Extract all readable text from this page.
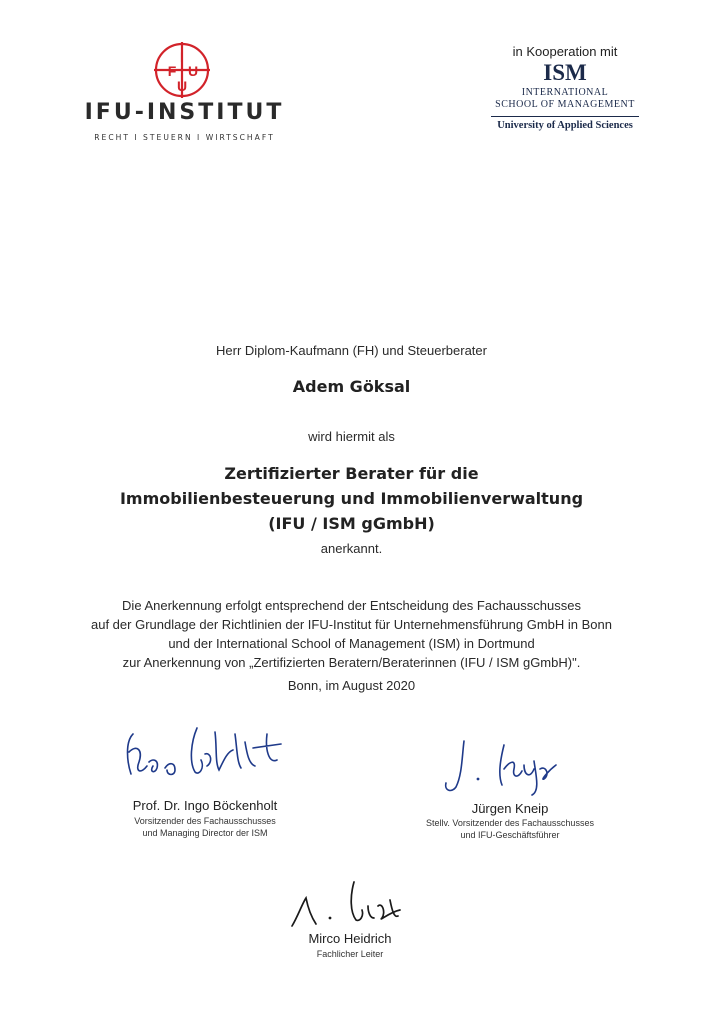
I
F
U
U
IFU-INSTITUT
RECHT I STEUERN I WIRTSCHAFT
in Kooperation mit
ISM
INTERNATIONAL
SCHOOL OF MANAGEMENT
University of Applied Sciences
Herr Diplom-Kaufmann (FH) und Steuerberater
Adem Göksal
wird hiermit als
Zertifizierter Berater für die
Immobilienbesteuerung und Immobilienverwaltung
(IFU / ISM gGmbH)
anerkannt.
Die Anerkennung erfolgt entsprechend der Entscheidung des Fachausschusses
auf der Grundlage der Richtlinien der IFU-Institut für Unternehmensführung GmbH in Bonn
und der International School of Management (ISM) in Dortmund
zur Anerkennung von „Zertifizierten Beratern/Beraterinnen (IFU / ISM gGmbH)".
Bonn, im August 2020
Prof. Dr. Ingo Böckenholt
Vorsitzender des Fachausschusses
und Managing Director der ISM
Jürgen Kneip
Stellv. Vorsitzender des Fachausschusses
und IFU-Geschäftsführer
Mirco Heidrich
Fachlicher Leiter
